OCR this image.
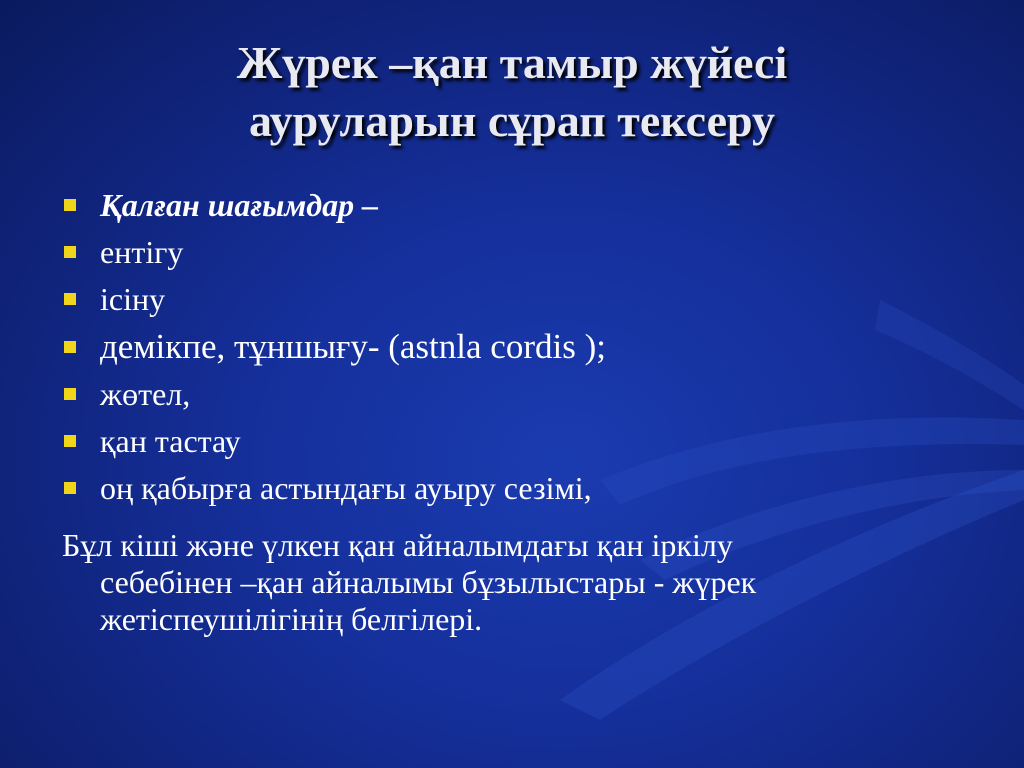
Жүрек –қан тамыр жүйесі
ауруларын сұрап тексеру
Қалған шағымдар –
ентігу
ісіну
демікпе, тұншығу- (astnla cordis );
жөтел,
қан тастау
оң қабырға астындағы ауыру сезімі,
Бұл кіші және үлкен қан айналымдағы қан іркілу
себебінен –қан айналымы бұзылыстары - жүрек
жетіспеушілігінің белгілері.
